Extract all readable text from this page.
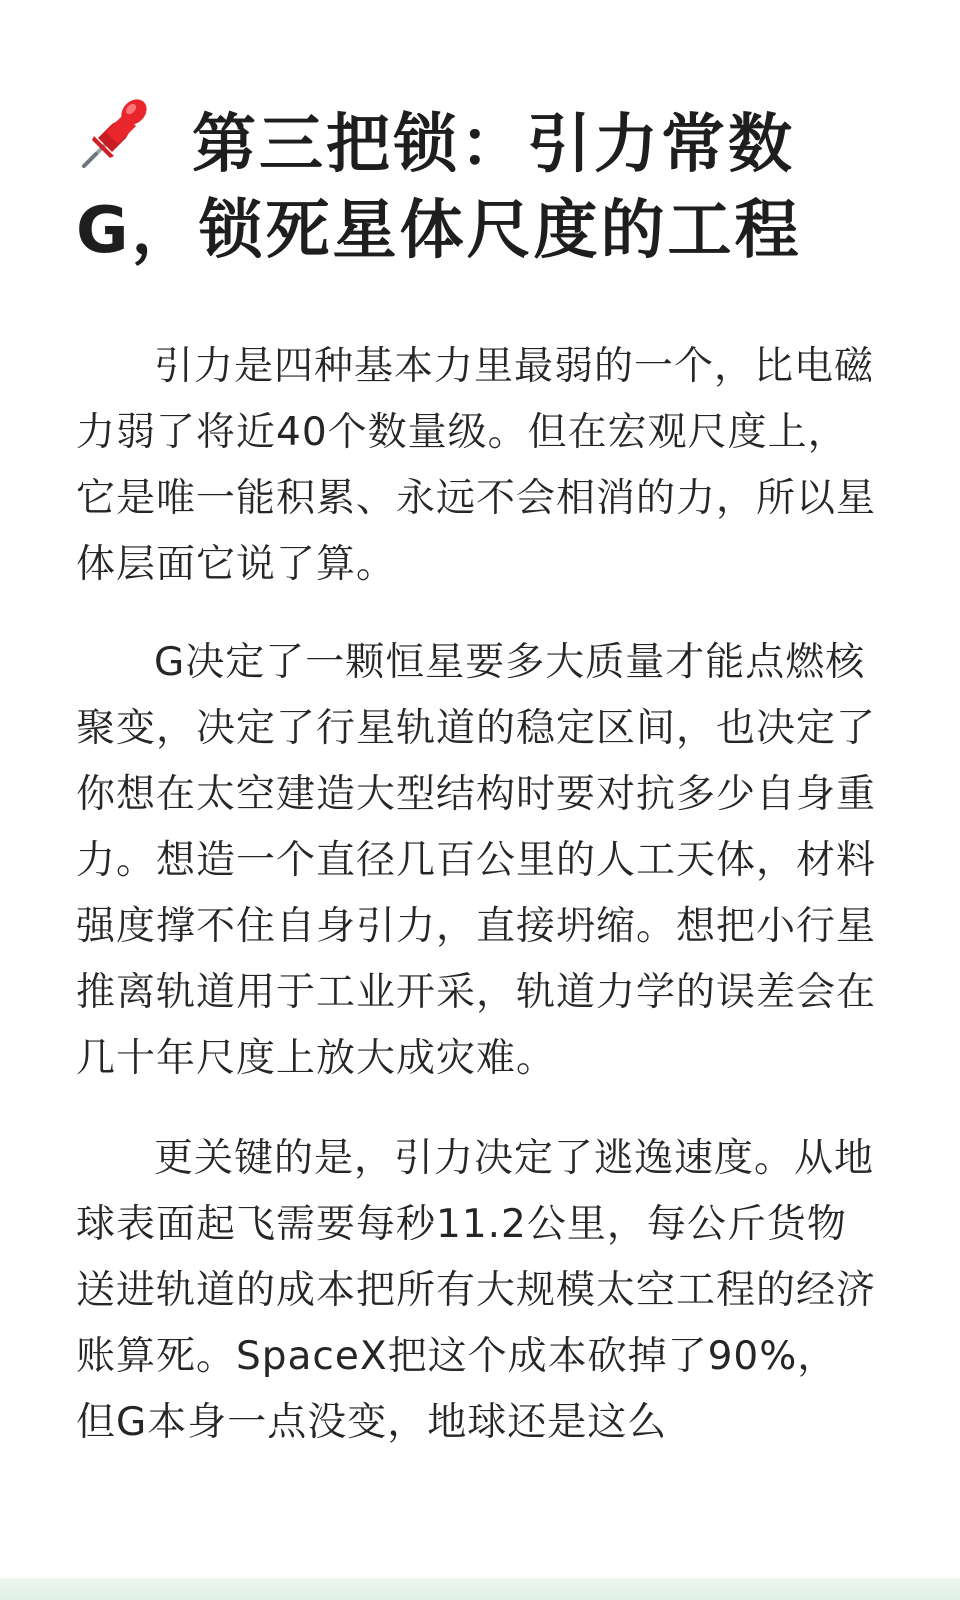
第三把锁：引力常数G，锁死星体尺度的工程

引力是四种基本力里最弱的一个，比电磁力弱了将近40个数量级。但在宏观尺度上，它是唯一能积累、永远不会相消的力，所以星体层面它说了算。

G决定了一颗恒星要多大质量才能点燃核聚变，决定了行星轨道的稳定区间，也决定了你想在太空建造大型结构时要对抗多少自身重力。想造一个直径几百公里的人工天体，材料强度撑不住自身引力，直接坍缩。想把小行星推离轨道用于工业开采，轨道力学的误差会在几十年尺度上放大成灾难。

更关键的是，引力决定了逃逸速度。从地球表面起飞需要每秒11.2公里，每公斤货物送进轨道的成本把所有大规模太空工程的经济账算死。SpaceX把这个成本砍掉了90%，但G本身一点没变，地球还是这么
